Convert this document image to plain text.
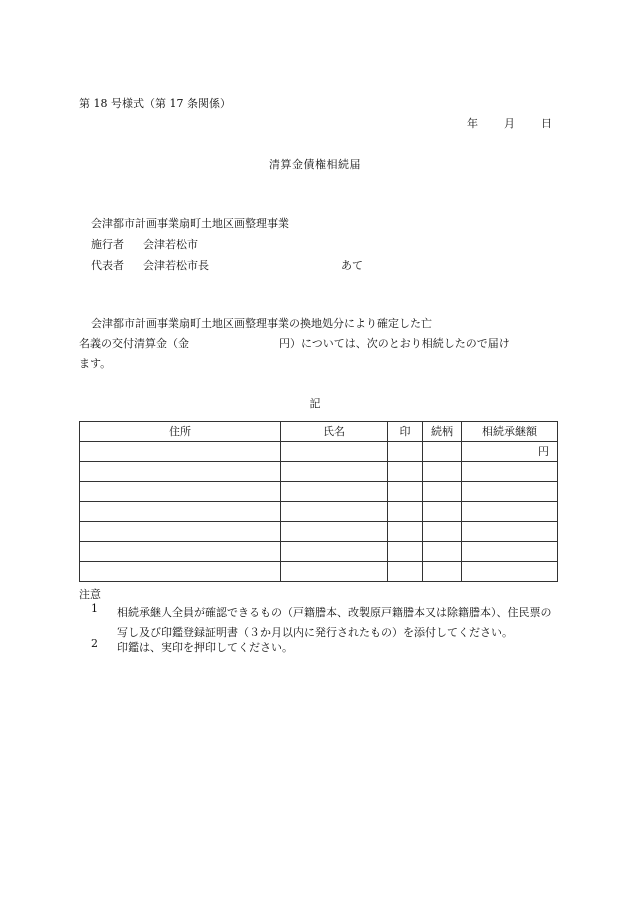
第 18 号様式（第 17 条関係）
年 月 日
清算金債権相続届
会津都市計画事業扇町土地区画整理事業
施行者 会津若松市
代表者 会津若松市長	あて
会津都市計画事業扇町土地区画整理事業の換地処分により確定した亡
名義の交付清算金（金	円）については、次のとおり相続したので届け
ます。
記
住所	氏名	印	続柄	相続承継額
				円

注意
1 相続承継人全員が確認できるもの（戸籍謄本、改製原戸籍謄本又は除籍謄本）、住民票の写し及び印鑑登録証明書（３か月以内に発行されたもの）を添付してください。
2 印鑑は、実印を押印してください。
